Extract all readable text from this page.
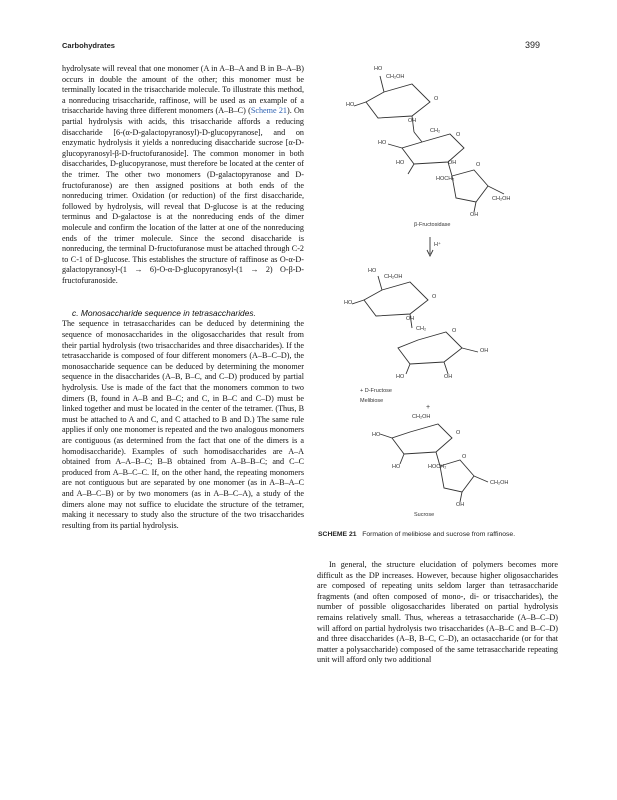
Carbohydrates	399

hydrolysate will reveal that one monomer (A in A–B–A and B in B–A–B) occurs in double the amount of the other; this monomer must be terminally located in the trisaccharide molecule. To illustrate this method, a nonreducing trisaccharide, raffinose, will be used as an example of a trisaccharide having three different monomers (A–B–C) (Scheme 21). On partial hydrolysis with acids, this trisaccharide affords a reducing disaccharide [6-(α-D-galactopyranosyl)-D-glucopyranose], and on enzymatic hydrolysis it yields a nonreducing disaccharide sucrose [α-D-glucopyranosyl-β-D-fructofuranoside]. The common monomer in both disaccharides, D-glucopyranose, must therefore be located at the center of the trimer. The other two monomers (D-galactopyranose and D-fructofuranose) are then assigned positions at both ends of the nonreducing trimer. Oxidation (or reduction) of the first disaccharide, followed by hydrolysis, will reveal that D-glucose is at the reducing terminus and D-galactose is at the nonreducing ends of the dimer molecule and confirm the location of the latter at one of the nonreducing ends of the trimer molecule. Since the second disaccharide is nonreducing, the terminal D-fructofuranose must be attached through C-2 to C-1 of D-glucose. This establishes the structure of raffinose as O-α-D-galactopyranosyl-(1 → 6)-O-α-D-glucopyranosyl-(1 → 2) O-β-D-fructofuranoside.

c. Monosaccharide sequence in tetrasaccharides.

The sequence in tetrasaccharides can be deduced by determining the sequence of monosaccharides in the oligosaccharides that result from their partial hydrolysis (two trisaccharides and three disaccharides). If the tetrasaccharide is composed of four different monomers (A–B–C–D), the monosaccharide sequence can be deduced by determining the monomer sequence in the disaccharides (A–B, B–C, and C–D) produced by partial hydrolysis. Use is made of the fact that the monomers common to two dimers (B, found in A–B and B–C; and C, in B–C and C–D) must be linked together and must be located in the center of the tetramer. (Thus, B must be attached to A and C, and C attached to B and D.) The same rule applies if only one monomer is repeated and the two analogous monomers are contiguous (as determined from the fact that one of the dimers is a homodisaccharide). Examples of such homodisaccharides are A–A obtained from A–A–B–C; B–B obtained from A–B–B–C; and C–C produced from A–B–C–C. If, on the other hand, the repeating monomers are not contiguous but are separated by one monomer (as in A–B–A–C and A–B–C–B) or by two monomers (as in A–B–C–A), a study of the dimers alone may not suffice to elucidate the structure of the tetramer, making it necessary to study also the structure of the two trisaccharides resulting from its partial hydrolysis.

HO
CH₂OH
O
HO
OH
CH₂
O
HO
HO	OH
HOCH₂
O
CH₂OH
OH
β-Fructosidase
H⁺
HO
CH₂OH
O
HO
OH
CH₂	O
HO
OH
OH
+ D-Fructose
Melibiose
+
CH₂OH
O
HO
HO	HOCH₂
O
CH₂OH
OH
Sucrose
SCHEME 21 Formation of melibiose and sucrose from raffinose.

In general, the structure elucidation of polymers becomes more difficult as the DP increases. However, because higher oligosaccharides are composed of repeating units seldom larger than tetrasaccharide fragments (and often composed of mono-, di- or trisaccharides), the number of possible oligosaccharides liberated on partial hydrolysis remains relatively small. Thus, whereas a tetrasaccharide (A–B–C–D) will afford on partial hydrolysis two trisaccharides (A–B–C and B–C–D) and three disaccharides (A–B, B–C, C–D), an octasaccharide (or for that matter a polysaccharide) composed of the same tetrasaccharide repeating unit will afford only two additional
